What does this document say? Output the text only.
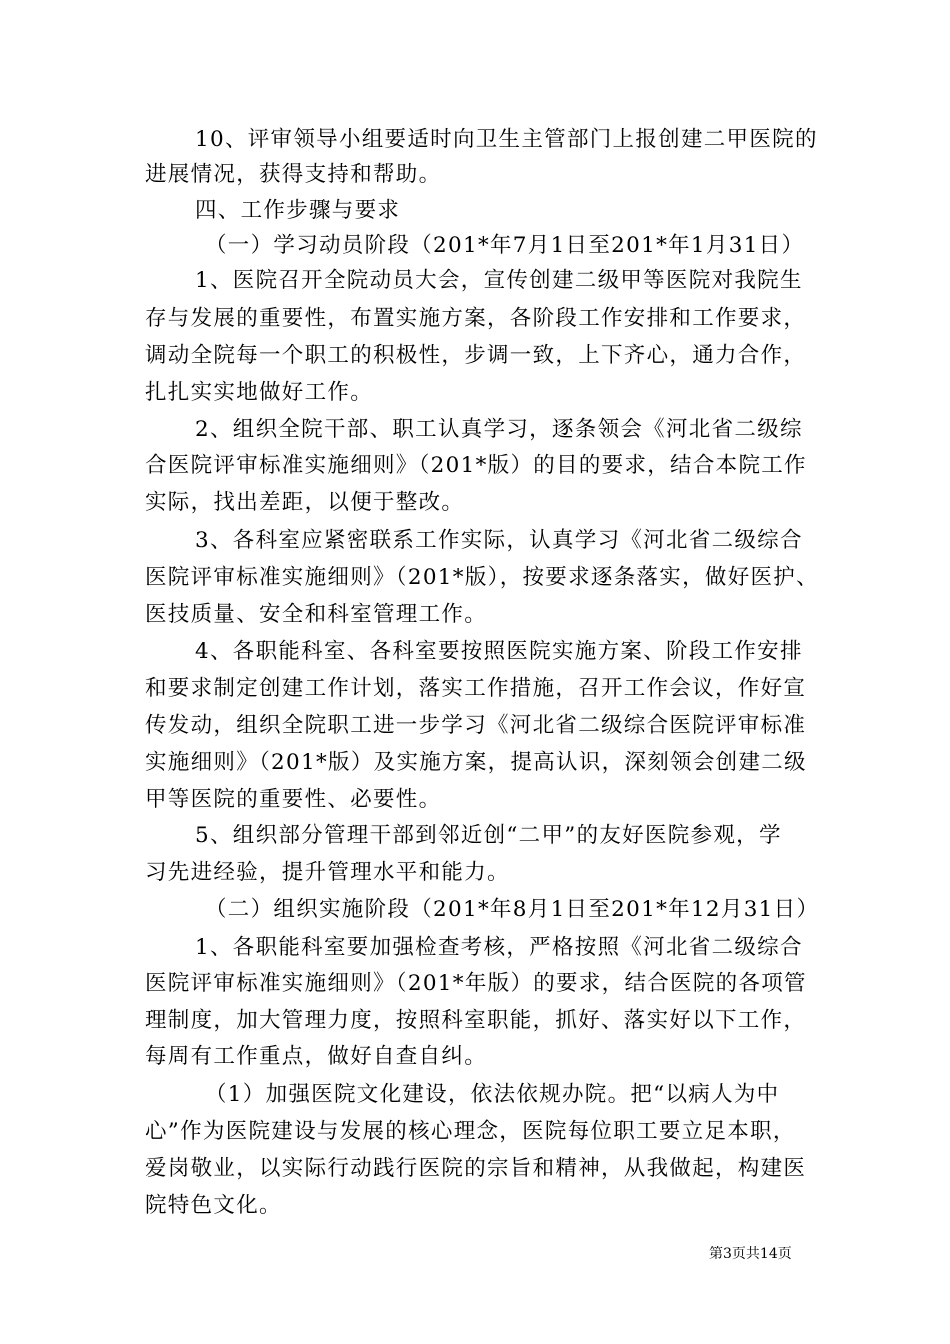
10、评审领导小组要适时向卫生主管部门上报创建二甲医院的
进展情况，获得支持和帮助。
四、工作步骤与要求
（一）学习动员阶段（201*年7月1日至201*年1月31日）
1、医院召开全院动员大会，宣传创建二级甲等医院对我院生
存与发展的重要性，布置实施方案，各阶段工作安排和工作要求，
调动全院每一个职工的积极性，步调一致，上下齐心，通力合作，
扎扎实实地做好工作。
2、组织全院干部、职工认真学习，逐条领会《河北省二级综
合医院评审标准实施细则》（201*版）的目的要求，结合本院工作
实际，找出差距，以便于整改。
3、各科室应紧密联系工作实际，认真学习《河北省二级综合
医院评审标准实施细则》（201*版），按要求逐条落实，做好医护、
医技质量、安全和科室管理工作。
4、各职能科室、各科室要按照医院实施方案、阶段工作安排
和要求制定创建工作计划，落实工作措施，召开工作会议，作好宣
传发动，组织全院职工进一步学习《河北省二级综合医院评审标准
实施细则》（201*版）及实施方案，提高认识，深刻领会创建二级
甲等医院的重要性、必要性。
5、组织部分管理干部到邻近创“二甲”的友好医院参观，学
习先进经验，提升管理水平和能力。
（二）组织实施阶段（201*年8月1日至201*年12月31日）
1、各职能科室要加强检查考核，严格按照《河北省二级综合
医院评审标准实施细则》（201*年版）的要求，结合医院的各项管
理制度，加大管理力度，按照科室职能，抓好、落实好以下工作，
每周有工作重点，做好自查自纠。
（1）加强医院文化建设，依法依规办院。把“以病人为中
心”作为医院建设与发展的核心理念，医院每位职工要立足本职，
爱岗敬业，以实际行动践行医院的宗旨和精神，从我做起，构建医
院特色文化。
第3页共14页
